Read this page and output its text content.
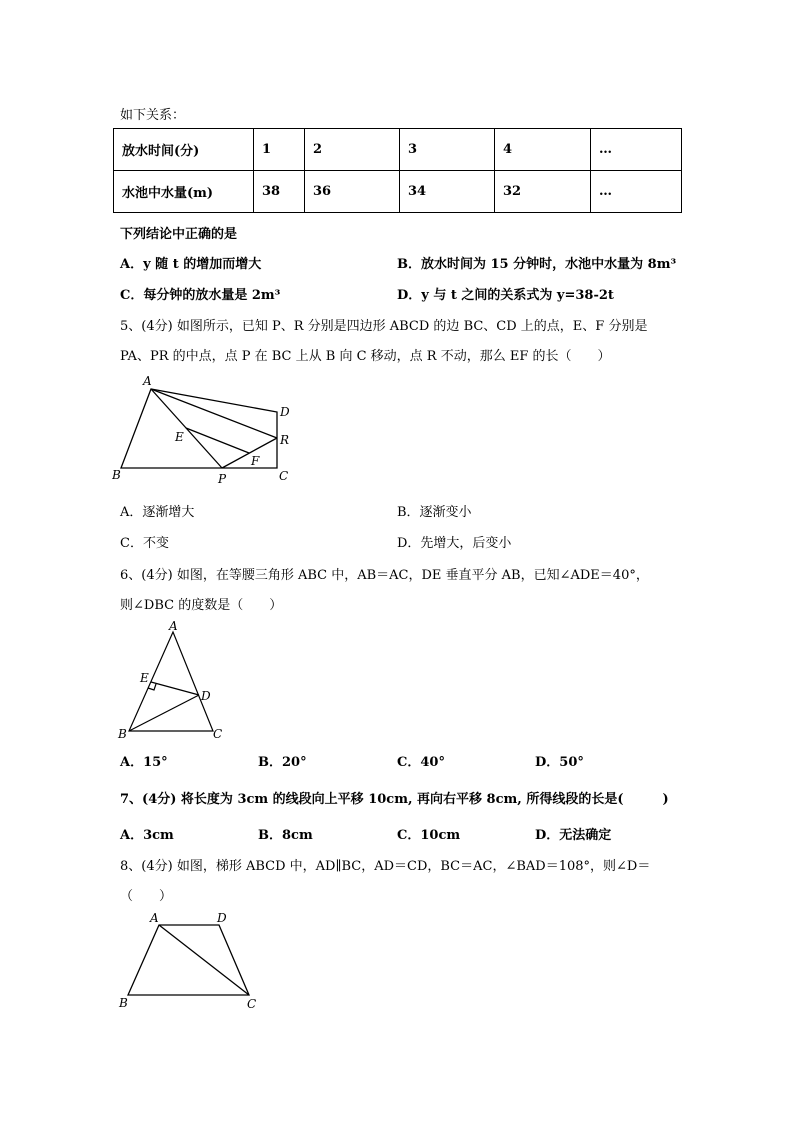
如下关系：
放水时间(分)	1	2	3	4	…
水池中水量(m)	38	36	34	32	…
下列结论中正确的是
A．y 随 t 的增加而增大	B．放水时间为 15 分钟时，水池中水量为 8m³
C．每分钟的放水量是 2m³	D．y 与 t 之间的关系式为 y=38-2t
5、(4分) 如图所示，已知 P、R 分别是四边形 ABCD 的边 BC、CD 上的点，E、F 分别是
PA、PR 的中点，点 P 在 BC 上从 B 向 C 移动，点 R 不动，那么 EF 的长（　　）
A
B	C
D
E
F
P
R
A．逐渐增大	B．逐渐变小
C．不变	D．先增大，后变小
6、(4分) 如图，在等腰三角形 ABC 中，AB＝AC，DE 垂直平分 AB，已知∠ADE＝40°，
则∠DBC 的度数是（　　）
A
B	C
D
E
A．15°	B．20°	C．40°	D．50°
7、(4分) 将长度为 3cm 的线段向上平移 10cm, 再向右平移 8cm, 所得线段的长是(　　　)
A．3cm	B．8cm	C．10cm	D．无法确定
8、(4分) 如图，梯形 ABCD 中，AD∥BC，AD＝CD，BC＝AC，∠BAD＝108°，则∠D＝
（　　）
A
B	C
D
